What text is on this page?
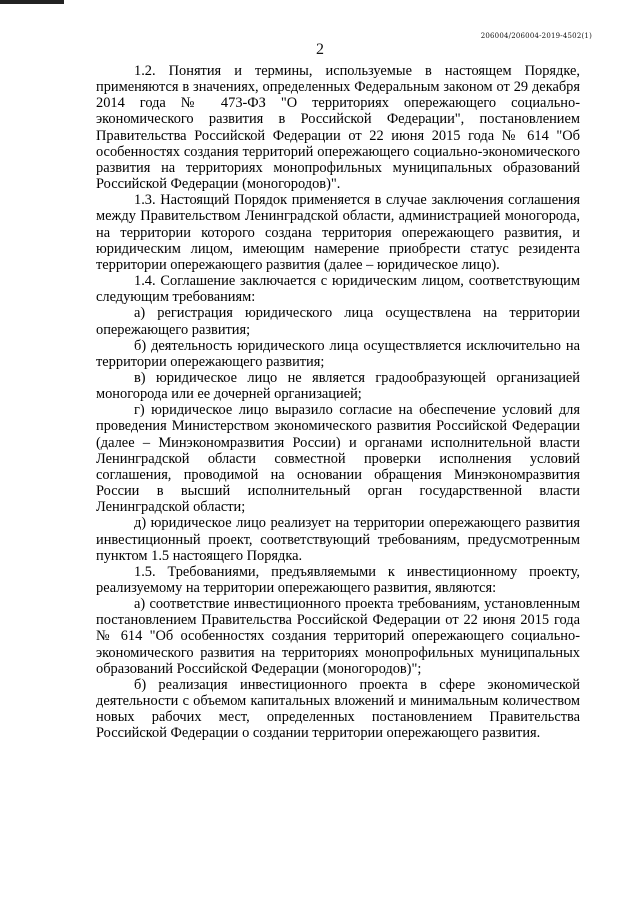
206004/206004-2019-4502(1)
2

1.2. Понятия и термины, используемые в настоящем Порядке, применяются в значениях, определенных Федеральным законом от 29 декабря 2014 года № 473-ФЗ "О территориях опережающего социально-экономического развития в Российской Федерации", постановлением Правительства Российской Федерации от 22 июня 2015 года № 614 "Об особенностях создания территорий опережающего социально-экономического развития на территориях монопрофильных муниципальных образований Российской Федерации (моногородов)".

1.3. Настоящий Порядок применяется в случае заключения соглашения между Правительством Ленинградской области, администрацией моногорода, на территории которого создана территория опережающего развития, и юридическим лицом, имеющим намерение приобрести статус резидента территории опережающего развития (далее – юридическое лицо).

1.4. Соглашение заключается с юридическим лицом, соответствующим следующим требованиям:

а) регистрация юридического лица осуществлена на территории опережающего развития;

б) деятельность юридического лица осуществляется исключительно на территории опережающего развития;

в) юридическое лицо не является градообразующей организацией моногорода или ее дочерней организацией;

г) юридическое лицо выразило согласие на обеспечение условий для проведения Министерством экономического развития Российской Федерации (далее – Минэкономразвития России) и органами исполнительной власти Ленинградской области совместной проверки исполнения условий соглашения, проводимой на основании обращения Минэкономразвития России в высший исполнительный орган государственной власти Ленинградской области;

д) юридическое лицо реализует на территории опережающего развития инвестиционный проект, соответствующий требованиям, предусмотренным пунктом 1.5 настоящего Порядка.

1.5. Требованиями, предъявляемыми к инвестиционному проекту, реализуемому на территории опережающего развития, являются:

а) соответствие инвестиционного проекта требованиям, установленным постановлением Правительства Российской Федерации от 22 июня 2015 года № 614 "Об особенностях создания территорий опережающего социально-экономического развития на территориях монопрофильных муниципальных образований Российской Федерации (моногородов)";

б) реализация инвестиционного проекта в сфере экономической деятельности с объемом капитальных вложений и минимальным количеством новых рабочих мест, определенных постановлением Правительства Российской Федерации о создании территории опережающего развития.
